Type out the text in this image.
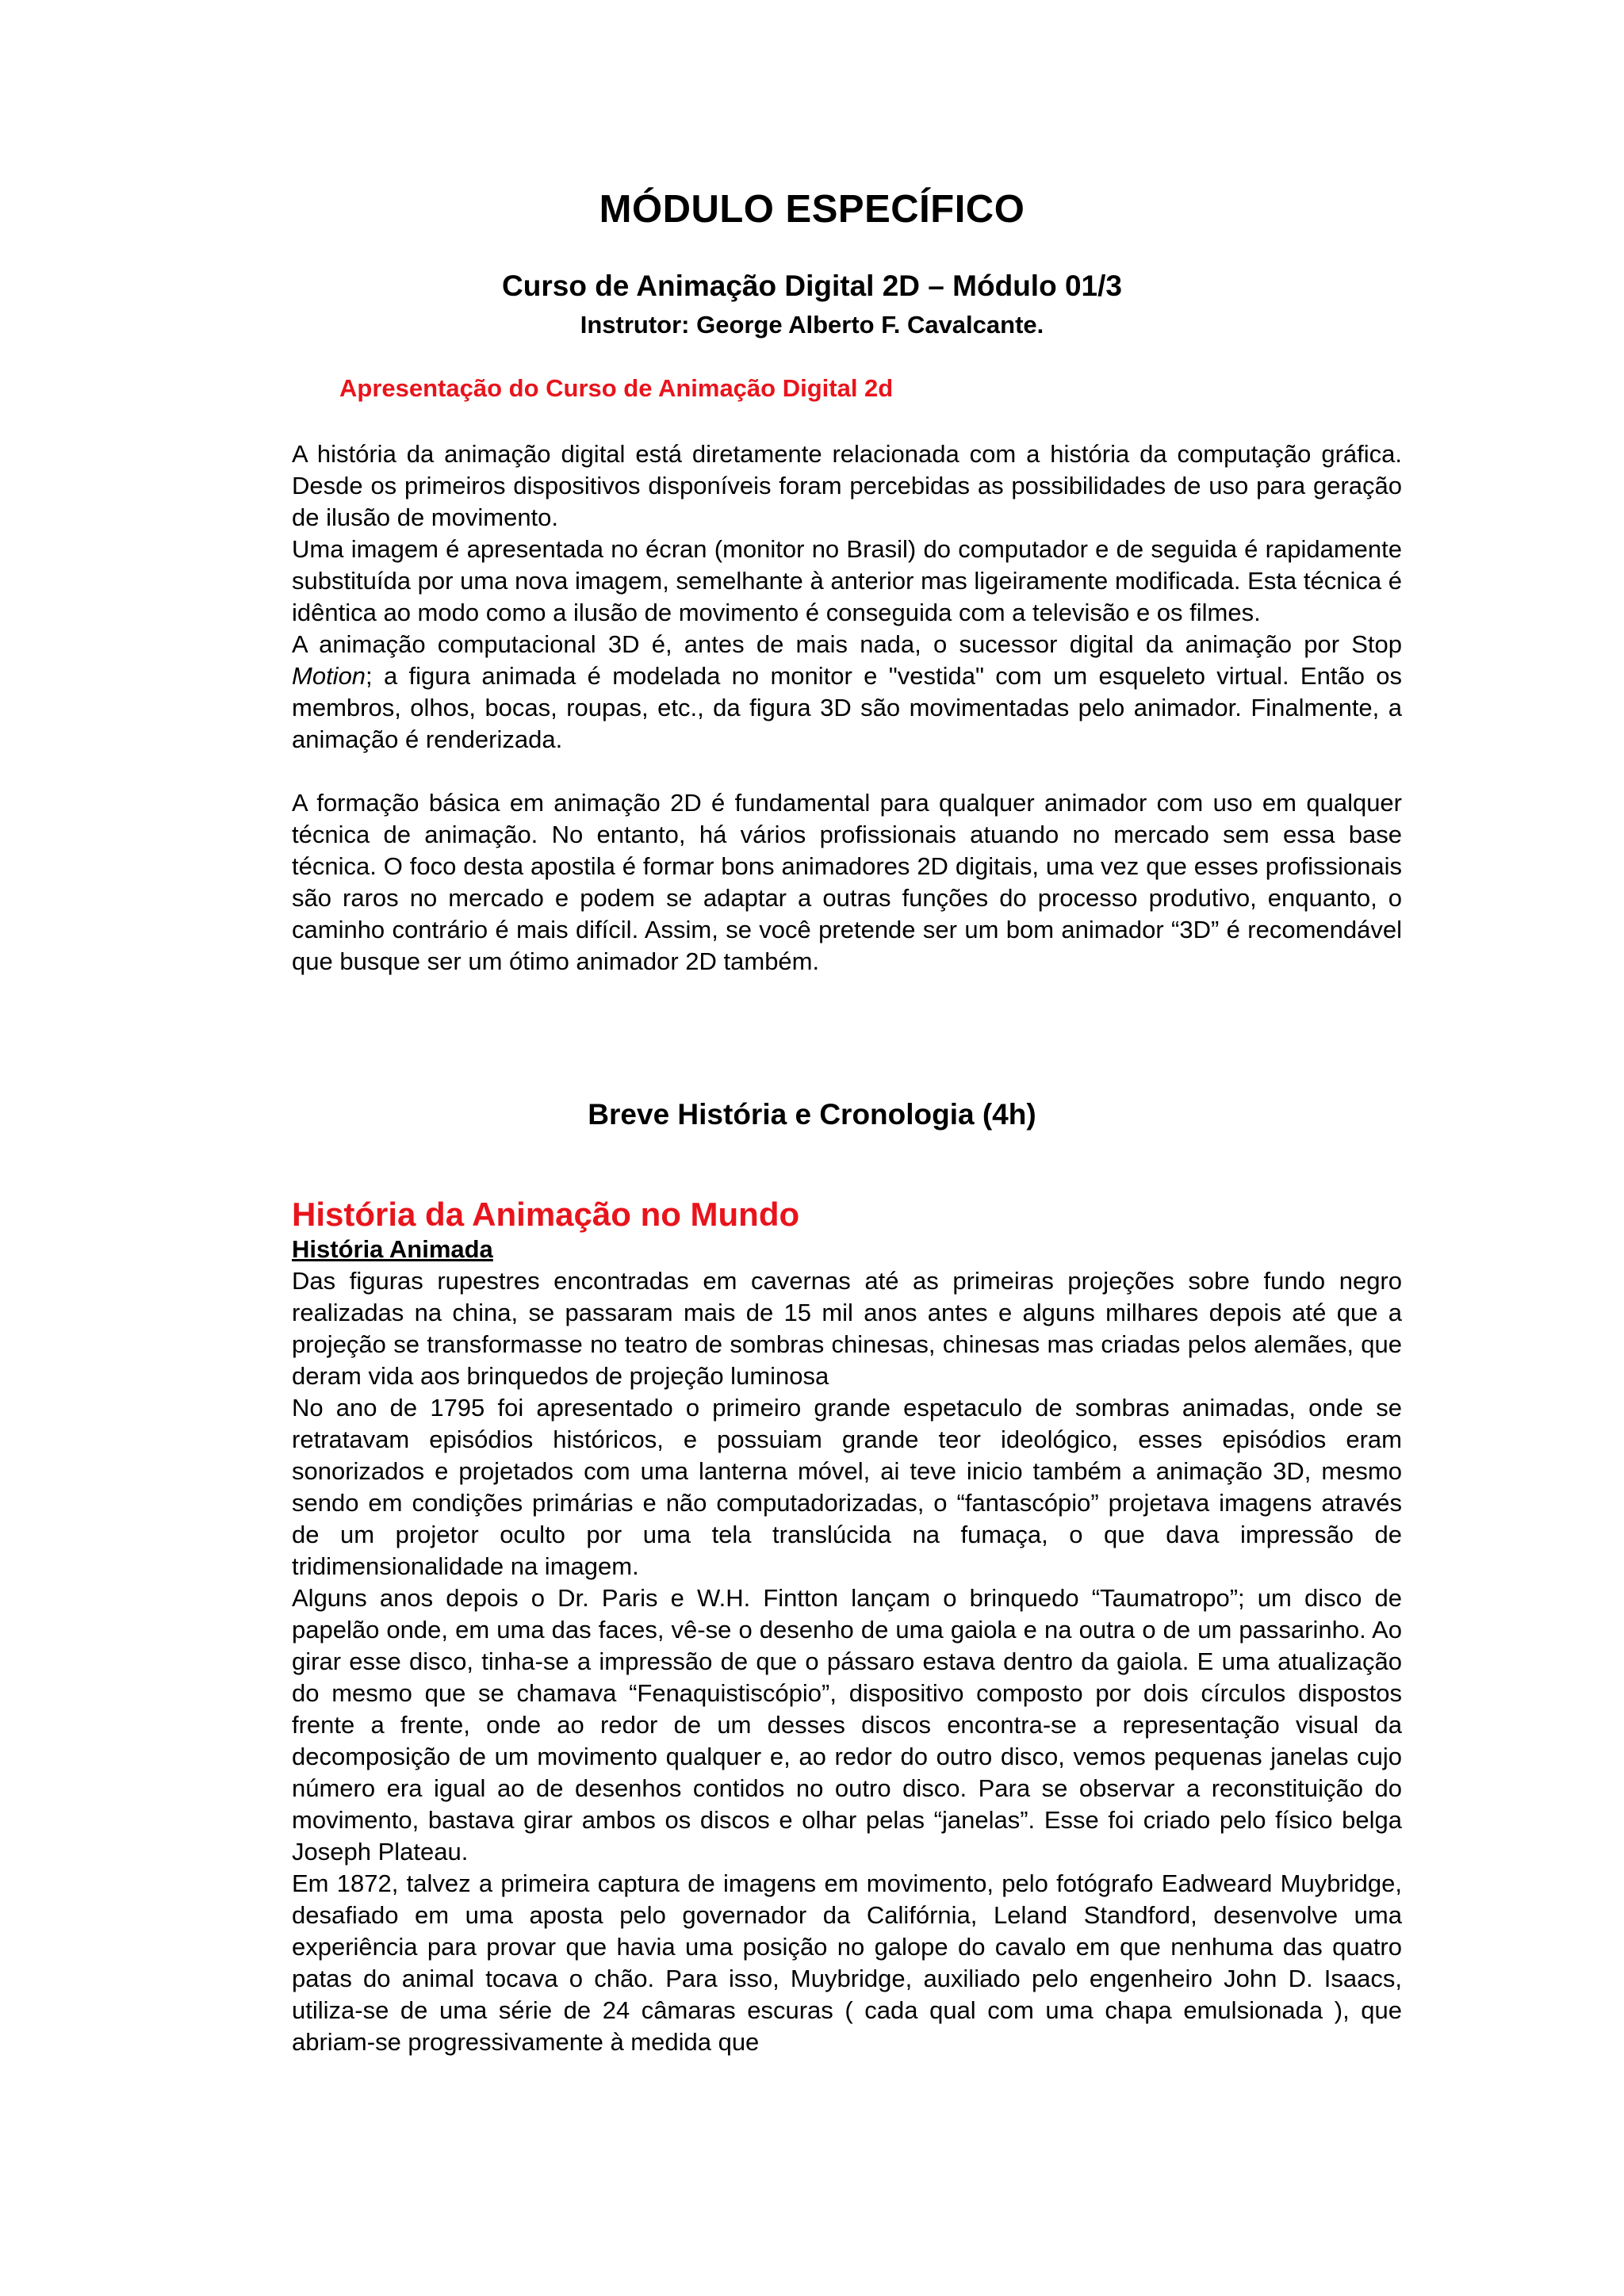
MÓDULO ESPECÍFICO
Curso de Animação Digital 2D – Módulo 01/3
Instrutor: George Alberto F. Cavalcante.
Apresentação do Curso de Animação Digital 2d

A história da animação digital está diretamente relacionada com a história da computação gráfica. Desde os primeiros dispositivos disponíveis foram percebidas as possibilidades de uso para geração de ilusão de movimento.

Uma imagem é apresentada no écran (monitor no Brasil) do computador e de seguida é rapidamente substituída por uma nova imagem, semelhante à anterior mas ligeiramente modificada. Esta técnica é idêntica ao modo como a ilusão de movimento é conseguida com a televisão e os filmes.

A animação computacional 3D é, antes de mais nada, o sucessor digital da animação por Stop Motion; a figura animada é modelada no monitor e "vestida" com um esqueleto virtual. Então os membros, olhos, bocas, roupas, etc., da figura 3D são movimentadas pelo animador. Finalmente, a animação é renderizada.

A formação básica em animação 2D é fundamental para qualquer animador com uso em qualquer técnica de animação. No entanto, há vários profissionais atuando no mercado sem essa base técnica. O foco desta apostila é formar bons animadores 2D digitais, uma vez que esses profissionais são raros no mercado e podem se adaptar a outras funções do processo produtivo, enquanto, o caminho contrário é mais difícil. Assim, se você pretende ser um bom animador “3D” é recomendável que busque ser um ótimo animador 2D também.

Breve História e Cronologia (4h)
História da Animação no Mundo
História Animada

Das figuras rupestres encontradas em cavernas até as primeiras projeções sobre fundo negro realizadas na china, se passaram mais de 15 mil anos antes e alguns milhares depois até que a projeção se transformasse no teatro de sombras chinesas, chinesas mas criadas pelos alemães, que deram vida aos brinquedos de projeção luminosa

No ano de 1795 foi apresentado o primeiro grande espetaculo de sombras animadas, onde se retratavam episódios históricos, e possuiam grande teor ideológico, esses episódios eram sonorizados e projetados com uma lanterna móvel, ai teve inicio também a animação 3D, mesmo sendo em condições primárias e não computadorizadas, o “fantascópio” projetava imagens através de um projetor oculto por uma tela translúcida na fumaça, o que dava impressão de tridimensionalidade na imagem.

Alguns anos depois o Dr. Paris e W.H. Fintton lançam o brinquedo “Taumatropo”; um disco de papelão onde, em uma das faces, vê-se o desenho de uma gaiola e na outra o de um passarinho. Ao girar esse disco, tinha-se a impressão de que o pássaro estava dentro da gaiola. E uma atualização do mesmo que se chamava “Fenaquistiscópio”, dispositivo composto por dois círculos dispostos frente a frente, onde ao redor de um desses discos encontra-se a representação visual da decomposição de um movimento qualquer e, ao redor do outro disco, vemos pequenas janelas cujo número era igual ao de desenhos contidos no outro disco. Para se observar a reconstituição do movimento, bastava girar ambos os discos e olhar pelas “janelas”. Esse foi criado pelo físico belga Joseph Plateau.

Em 1872, talvez a primeira captura de imagens em movimento, pelo fotógrafo Eadweard Muybridge, desafiado em uma aposta pelo governador da Califórnia, Leland Standford, desenvolve uma experiência para provar que havia uma posição no galope do cavalo em que nenhuma das quatro patas do animal tocava o chão. Para isso, Muybridge, auxiliado pelo engenheiro John D. Isaacs, utiliza-se de uma série de 24 câmaras escuras ( cada qual com uma chapa emulsionada ), que abriam-se progressivamente à medida que
